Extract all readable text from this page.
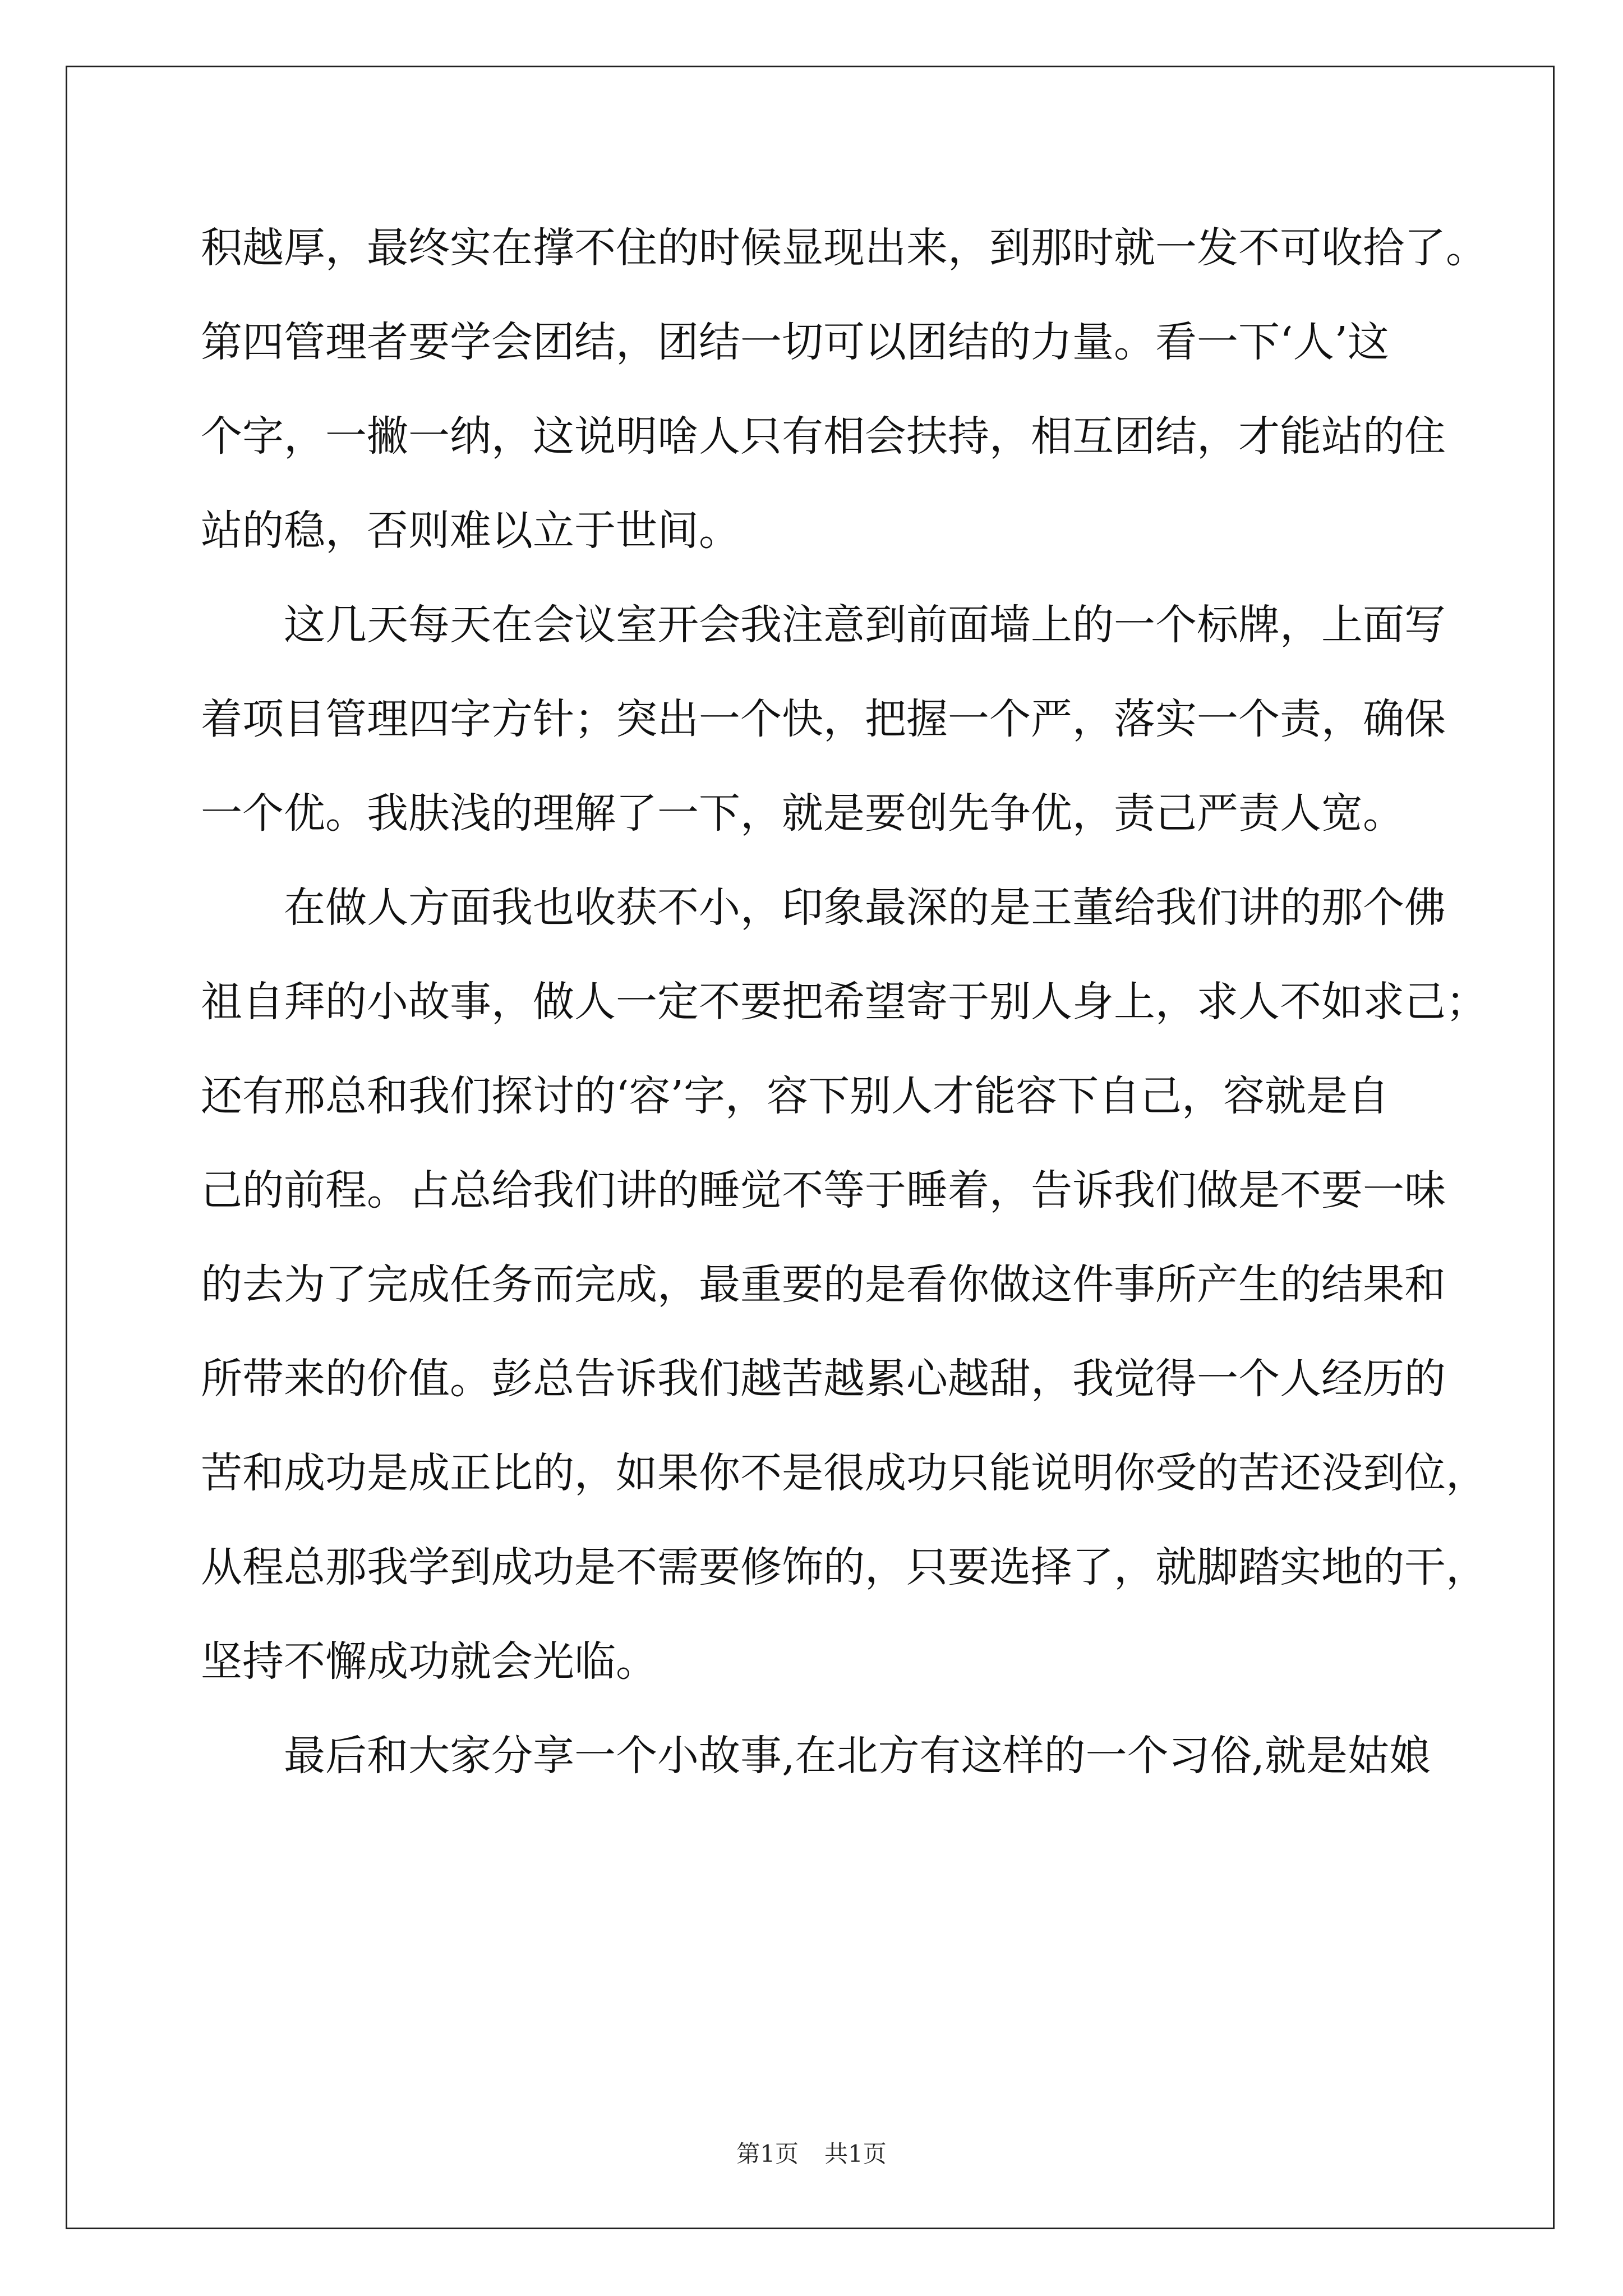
积越厚，最终实在撑不住的时候显现出来，到那时就一发不可收拾了。
第四管理者要学会团结，团结一切可以团结的力量。看一下‘人’这
个字，一撇一纳，这说明啥人只有相会扶持，相互团结，才能站的住
站的稳，否则难以立于世间。
这几天每天在会议室开会我注意到前面墙上的一个标牌，上面写
着项目管理四字方针；突出一个快，把握一个严，落实一个责，确保
一个优。我肤浅的理解了一下，就是要创先争优，责己严责人宽。
在做人方面我也收获不小，印象最深的是王董给我们讲的那个佛
祖自拜的小故事，做人一定不要把希望寄于别人身上，求人不如求己；
还有邢总和我们探讨的‘容’字，容下别人才能容下自己，容就是自
己的前程。占总给我们讲的睡觉不等于睡着，告诉我们做是不要一味
的去为了完成任务而完成，最重要的是看你做这件事所产生的结果和
所带来的价值。彭总告诉我们越苦越累心越甜，我觉得一个人经历的
苦和成功是成正比的，如果你不是很成功只能说明你受的苦还没到位，
从程总那我学到成功是不需要修饰的，只要选择了，就脚踏实地的干，
坚持不懈成功就会光临。
最后和大家分享一个小故事,在北方有这样的一个习俗,就是姑娘
第1页 共1页
